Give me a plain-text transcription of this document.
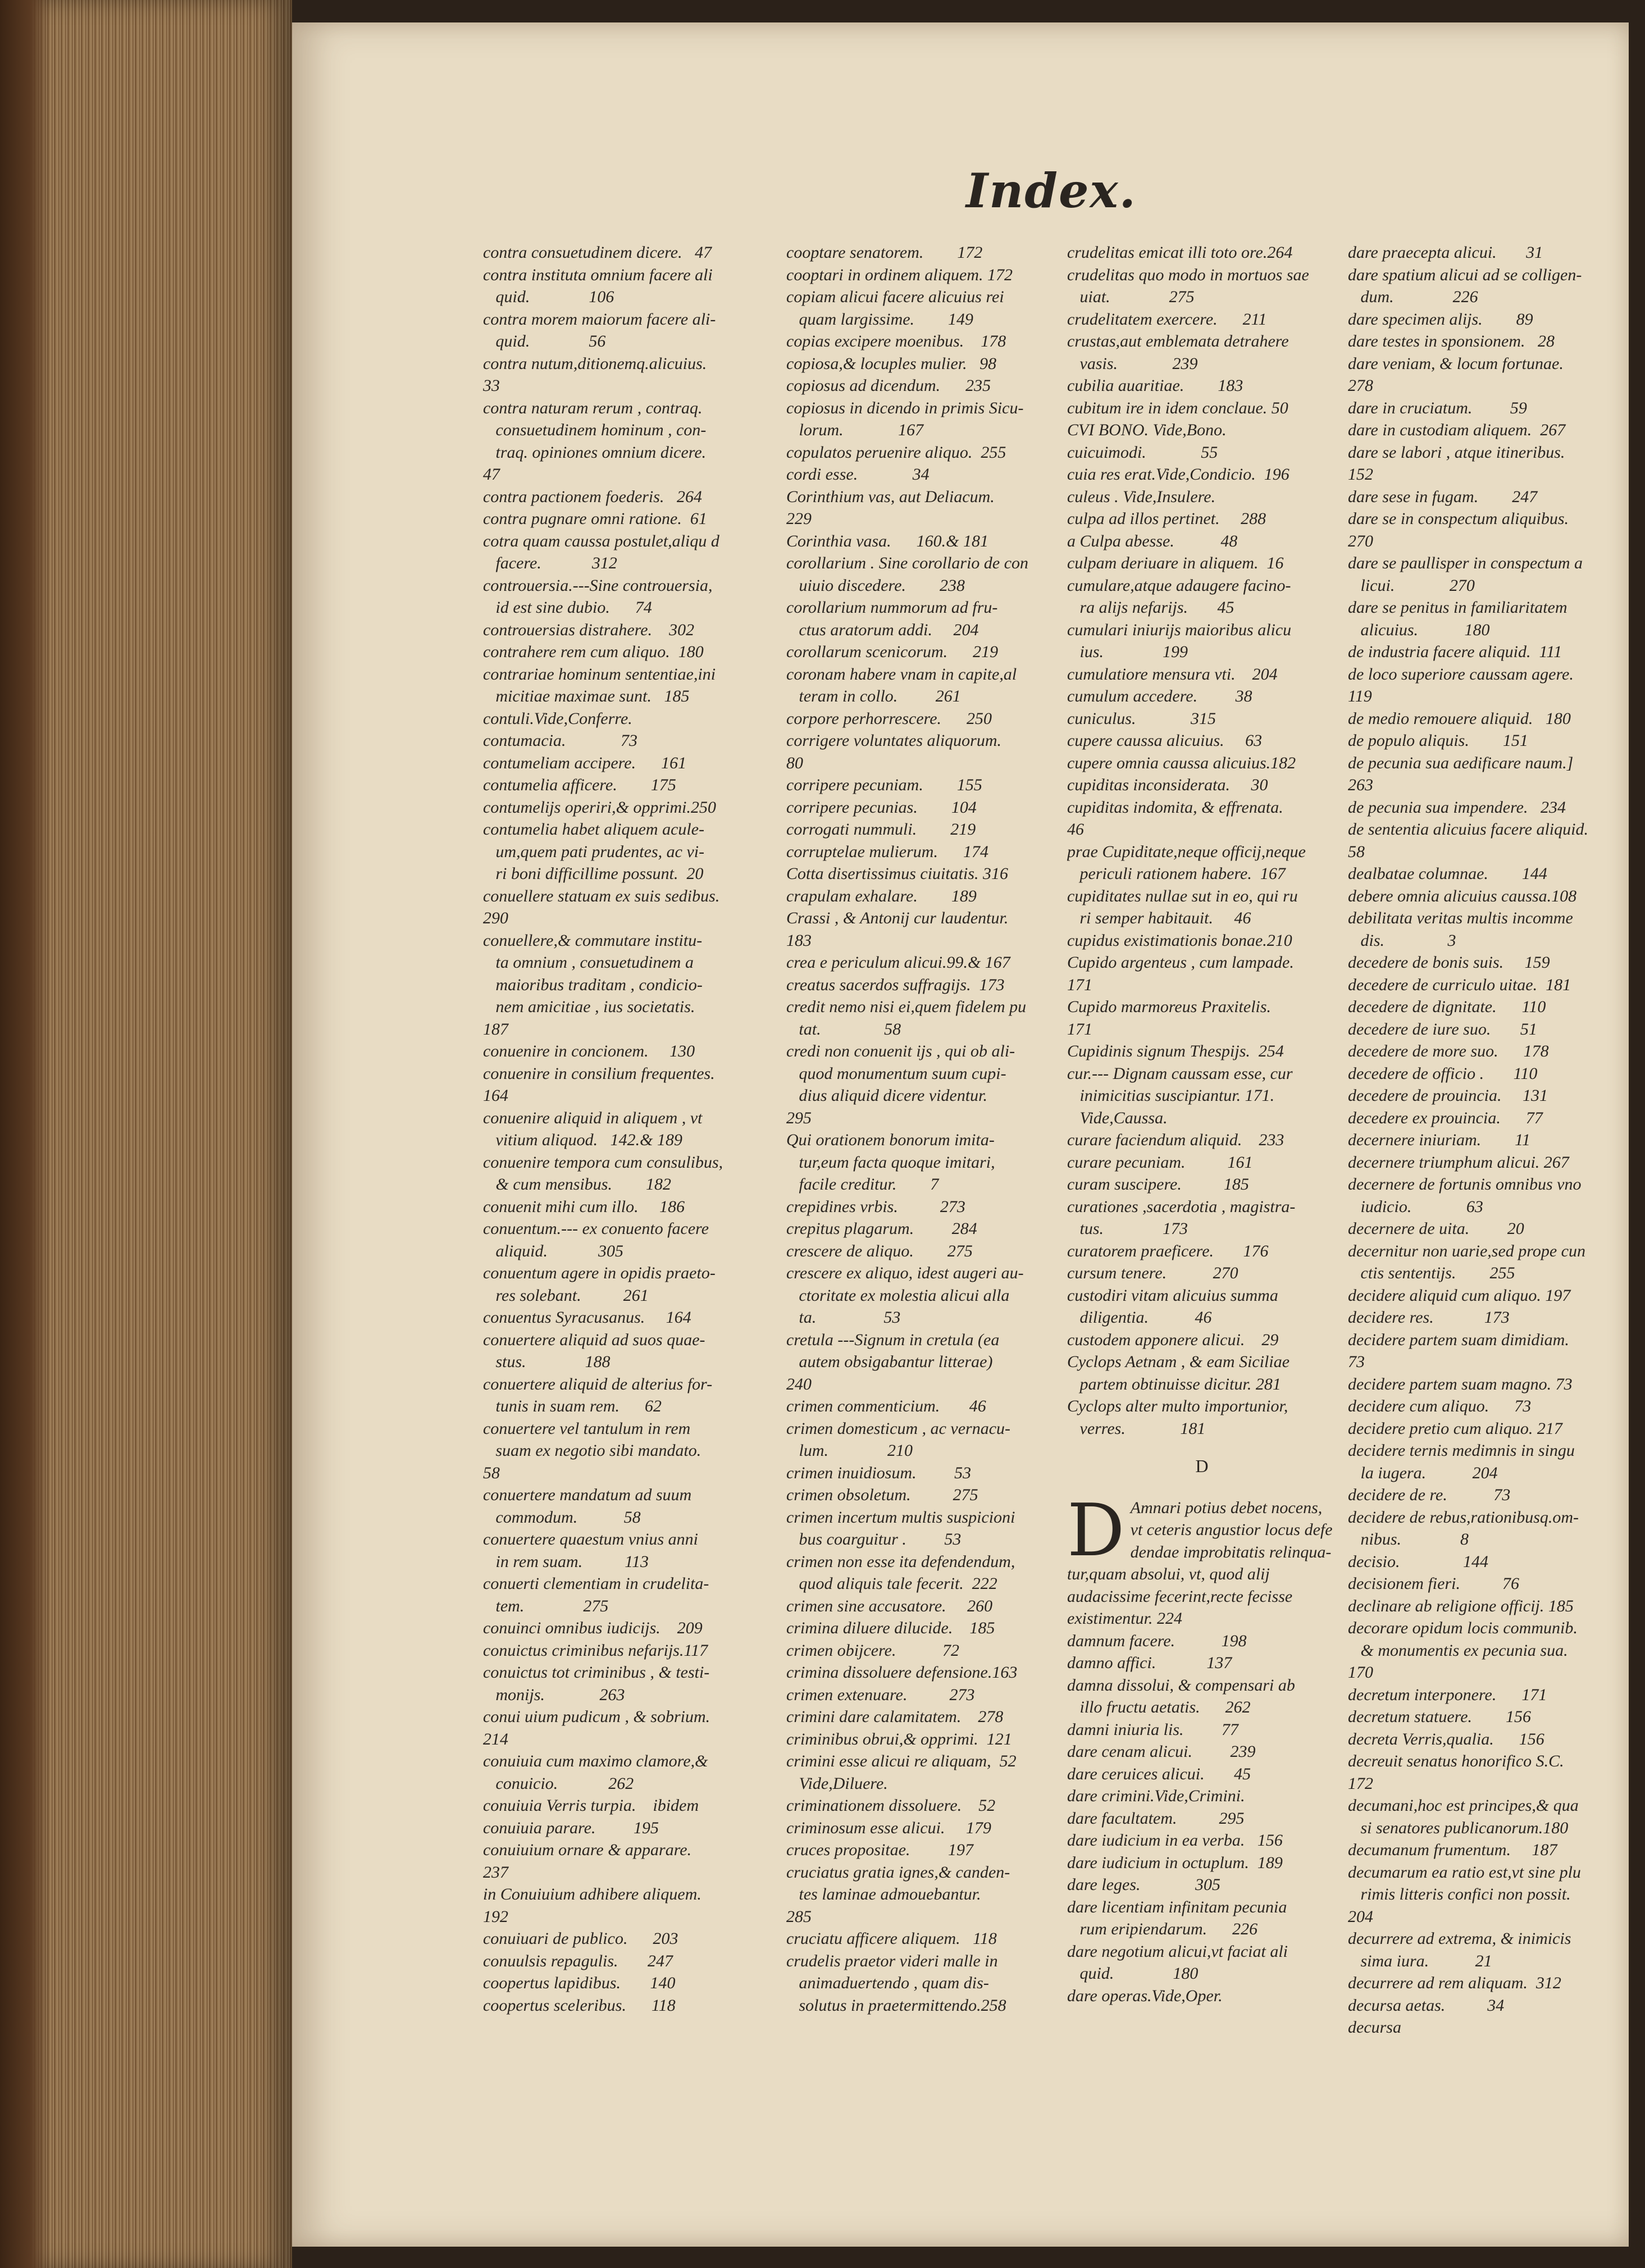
Index.
contra consuetudinem dicere.   47
contra instituta omnium facere ali
quid.              106
contra morem maiorum facere ali-
quid.              56
contra nutum,ditionemq.alicuius.
33
contra naturam rerum , contraq.
consuetudinem hominum , con-
traq. opiniones omnium dicere.
47
contra pactionem foederis.   264
contra pugnare omni ratione.  61
cotra quam caussa postulet,aliqu d
facere.            312
controuersia.---Sine controuersia,
id est sine dubio.      74
controuersias distrahere.    302
contrahere rem cum aliquo.  180
contrariae hominum sententiae,ini
micitiae maximae sunt.   185
contuli.Vide,Conferre.
contumacia.             73
contumeliam accipere.      161
contumelia afficere.        175
contumelijs operiri,& opprimi.250
contumelia habet aliquem acule-
um,quem pati prudentes, ac vi-
ri boni difficillime possunt.  20
conuellere statuam ex suis sedibus.
290
conuellere,& commutare institu-
ta omnium , consuetudinem a
maioribus traditam , condicio-
nem amicitiae , ius societatis.
187
conuenire in concionem.     130
conuenire in consilium frequentes.
164
conuenire aliquid in aliquem , vt
vitium aliquod.   142.& 189
conuenire tempora cum consulibus,
& cum mensibus.        182
conuenit mihi cum illo.     186
conuentum.--- ex conuento facere
aliquid.            305
conuentum agere in opidis praeto-
res solebant.          261
conuentus Syracusanus.     164
conuertere aliquid ad suos quae-
stus.              188
conuertere aliquid de alterius for-
tunis in suam rem.      62
conuertere vel tantulum in rem
suam ex negotio sibi mandato.
58
conuertere mandatum ad suum
commodum.           58
conuertere quaestum vnius anni
in rem suam.          113
conuerti clementiam in crudelita-
tem.              275
conuinci omnibus iudicijs.    209
conuictus criminibus nefarijs.117
conuictus tot criminibus , & testi-
monijs.             263
conui uium pudicum , & sobrium.
214
conuiuia cum maximo clamore,&
conuicio.            262
conuiuia Verris turpia.    ibidem
conuiuia parare.         195
conuiuium ornare & apparare.
237
in Conuiuium adhibere aliquem.
192
conuiuari de publico.      203
conuulsis repagulis.       247
coopertus lapidibus.       140
coopertus sceleribus.      118
cooptare senatorem.        172
cooptari in ordinem aliquem. 172
copiam alicui facere alicuius rei
quam largissime.        149
copias excipere moenibus.    178
copiosa,& locuples mulier.   98
copiosus ad dicendum.      235
copiosus in dicendo in primis Sicu-
lorum.             167
copulatos peruenire aliquo.  255
cordi esse.             34
Corinthium vas, aut Deliacum.
229
Corinthia vasa.      160.& 181
corollarium . Sine corollario de con
uiuio discedere.        238
corollarium nummorum ad fru-
ctus aratorum addi.     204
corollarum scenicorum.      219
coronam habere vnam in capite,al
teram in collo.         261
corpore perhorrescere.      250
corrigere voluntates aliquorum.
80
corripere pecuniam.        155
corripere pecunias.        104
corrogati nummuli.        219
corruptelae mulierum.      174
Cotta disertissimus ciuitatis. 316
crapulam exhalare.        189
Crassi , & Antonij cur laudentur.
183
crea e periculum alicui.99.& 167
creatus sacerdos suffragijs.  173
credit nemo nisi ei,quem fidelem pu
tat.               58
credi non conuenit ijs , qui ob ali-
quod monumentum suum cupi-
dius aliquid dicere videntur.
295
Qui orationem bonorum imita-
tur,eum facta quoque imitari,
facile creditur.        7
crepidines vrbis.          273
crepitus plagarum.         284
crescere de aliquo.        275
crescere ex aliquo, idest augeri au-
ctoritate ex molestia alicui alla
ta.                53
cretula ---Signum in cretula (ea
autem obsigabantur litterae)
240
crimen commenticium.       46
crimen domesticum , ac vernacu-
lum.              210
crimen inuidiosum.         53
crimen obsoletum.          275
crimen incertum multis suspicioni
bus coarguitur .         53
crimen non esse ita defendendum,
quod aliquis tale fecerit.  222
crimen sine accusatore.     260
crimina diluere dilucide.    185
crimen obijcere.           72
crimina dissoluere defensione.163
crimen extenuare.          273
crimini dare calamitatem.    278
criminibus obrui,& opprimi.  121
crimini esse alicui re aliquam,  52
Vide,Diluere.
criminationem dissoluere.    52
criminosum esse alicui.     179
cruces propositae.         197
cruciatus gratia ignes,& canden-
tes laminae admouebantur.
285
cruciatu afficere aliquem.   118
crudelis praetor videri malle in
animaduertendo , quam dis-
solutus in praetermittendo.258
crudelitas emicat illi toto ore.264
crudelitas quo modo in mortuos sae
uiat.              275
crudelitatem exercere.      211
crustas,aut emblemata detrahere
vasis.             239
cubilia auaritiae.        183
cubitum ire in idem conclaue. 50
CVI BONO. Vide,Bono.
cuicuimodi.             55
cuia res erat.Vide,Condicio.  196
culeus . Vide,Insulere.
culpa ad illos pertinet.     288
a Culpa abesse.           48
culpam deriuare in aliquem.  16
cumulare,atque adaugere facino-
ra alijs nefarijs.       45
cumulari iniurijs maioribus alicu
ius.              199
cumulatiore mensura vti.    204
cumulum accedere.         38
cuniculus.             315
cupere caussa alicuius.     63
cupere omnia caussa alicuius.182
cupiditas inconsiderata.     30
cupiditas indomita, & effrenata.
46
prae Cupiditate,neque officij,neque
periculi rationem habere.  167
cupiditates nullae sut in eo, qui ru
ri semper habitauit.     46
cupidus existimationis bonae.210
Cupido argenteus , cum lampade.
171
Cupido marmoreus Praxitelis.
171
Cupidinis signum Thespijs.  254
cur.--- Dignam caussam esse, cur
inimicitias suscipiantur. 171.
Vide,Caussa.
curare faciendum aliquid.    233
curare pecuniam.          161
curam suscipere.          185
curationes ,sacerdotia , magistra-
tus.              173
curatorem praeficere.       176
cursum tenere.           270
custodiri vitam alicuius summa
diligentia.           46
custodem apponere alicui.    29
Cyclops Aetnam , & eam Siciliae
partem obtinuisse dicitur. 281
Cyclops alter multo importunior,
verres.             181
D
D Amnari potius debet nocens, vt ceteris angustior locus defe dendae improbitatis relinqua- tur,quam absolui, vt, quod alij audacissime fecerint,recte fecisse existimentur. 224
damnum facere.           198
damno affici.            137
damna dissolui, & compensari ab
illo fructu aetatis.      262
damni iniuria lis.         77
dare cenam alicui.         239
dare ceruices alicui.       45
dare crimini.Vide,Crimini.
dare facultatem.          295
dare iudicium in ea verba.   156
dare iudicium in octuplum.  189
dare leges.             305
dare licentiam infinitam pecunia
rum eripiendarum.      226
dare negotium alicui,vt faciat ali
quid.              180
dare operas.Vide,Oper.
dare praecepta alicui.       31
dare spatium alicui ad se colligen-
dum.              226
dare specimen alijs.        89
dare testes in sponsionem.   28
dare veniam, & locum fortunae.
278
dare in cruciatum.         59
dare in custodiam aliquem.  267
dare se labori , atque itineribus.
152
dare sese in fugam.        247
dare se in conspectum aliquibus.
270
dare se paullisper in conspectum a
licui.             270
dare se penitus in familiaritatem
alicuius.           180
de industria facere aliquid.  111
de loco superiore caussam agere.
119
de medio remouere aliquid.   180
de populo aliquis.        151
de pecunia sua aedificare naum.]
263
de pecunia sua impendere.   234
de sententia alicuius facere aliquid.
58
dealbatae columnae.        144
debere omnia alicuius caussa.108
debilitata veritas multis incomme
dis.               3
decedere de bonis suis.     159
decedere de curriculo uitae.  181
decedere de dignitate.      110
decedere de iure suo.       51
decedere de more suo.      178
decedere de officio .       110
decedere de prouincia.     131
decedere ex prouincia.      77
decernere iniuriam.        11
decernere triumphum alicui. 267
decernere de fortunis omnibus vno
iudicio.             63
decernere de uita.         20
decernitur non uarie,sed prope cun
ctis sententijs.        255
decidere aliquid cum aliquo. 197
decidere res.            173
decidere partem suam dimidiam.
73
decidere partem suam magno. 73
decidere cum aliquo.      73
decidere pretio cum aliquo. 217
decidere ternis medimnis in singu
la iugera.           204
decidere de re.           73
decidere de rebus,rationibusq.om-
nibus.              8
decisio.               144
decisionem fieri.          76
declinare ab religione officij. 185
decorare opidum locis communib.
& monumentis ex pecunia sua.
170
decretum interponere.      171
decretum statuere.        156
decreta Verris,qualia.      156
decreuit senatus honorifico S.C.
172
decumani,hoc est principes,& qua
si senatores publicanorum.180
decumanum frumentum.     187
decumarum ea ratio est,vt sine plu
rimis litteris confici non possit.
204
decurrere ad extrema, & inimicis
sima iura.           21
decurrere ad rem aliquam.  312
decursa aetas.          34
decursa
